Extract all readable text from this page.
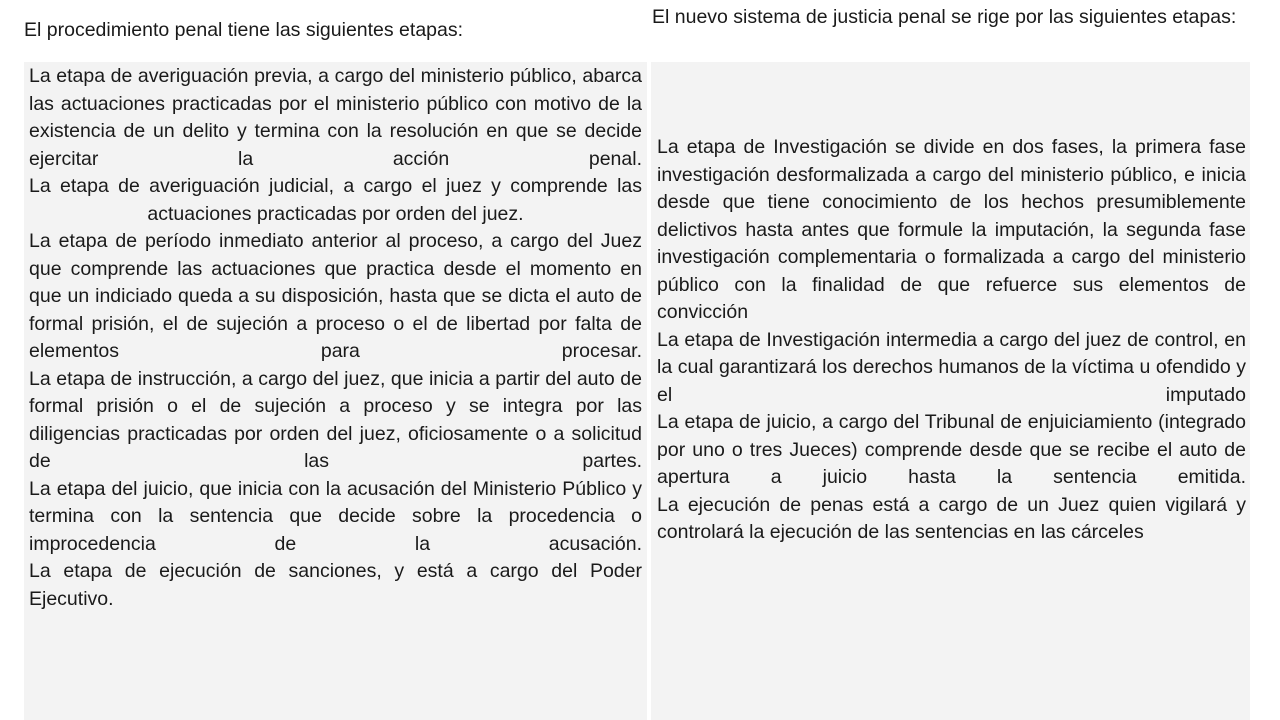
El procedimiento penal tiene las siguientes etapas:
El nuevo sistema de justicia penal se rige por las siguientes etapas:

La etapa de averiguación previa, a cargo del ministerio público, abarca las actuaciones practicadas por el ministerio público con motivo de la existencia de un delito y termina con la resolución en que se decide ejercitar la acción penal.

La etapa de averiguación judicial, a cargo el juez y comprende las actuaciones practicadas por orden del juez.

La etapa de período inmediato anterior al proceso, a cargo del Juez que comprende las actuaciones que practica desde el momento en que un indiciado queda a su disposición, hasta que se dicta el auto de formal prisión, el de sujeción a proceso o el de libertad por falta de elementos para procesar.

La etapa de instrucción, a cargo del juez, que inicia a partir del auto de formal prisión o el de sujeción a proceso y se integra por las diligencias practicadas por orden del juez, oficiosamente o a solicitud de las partes.

La etapa del juicio, que inicia con la acusación del Ministerio Público y termina con la sentencia que decide sobre la procedencia o improcedencia de la acusación.

La etapa de ejecución de sanciones, y está a cargo del Poder Ejecutivo.

La etapa de Investigación se divide en dos fases, la primera fase investigación desformalizada a cargo del ministerio público, e inicia desde que tiene conocimiento de los hechos presumiblemente delictivos hasta antes que formule la imputación, la segunda fase investigación complementaria o formalizada a cargo del ministerio público con la finalidad de que refuerce sus elementos de convicción

La etapa de Investigación intermedia a cargo del juez de control, en la cual garantizará los derechos humanos de la víctima u ofendido y el imputado

La etapa de juicio, a cargo del Tribunal de enjuiciamiento (integrado por uno o tres Jueces) comprende desde que se recibe el auto de apertura a juicio hasta la sentencia emitida.

La ejecución de penas está a cargo de un Juez quien vigilará y controlará la ejecución de las sentencias en las cárceles
